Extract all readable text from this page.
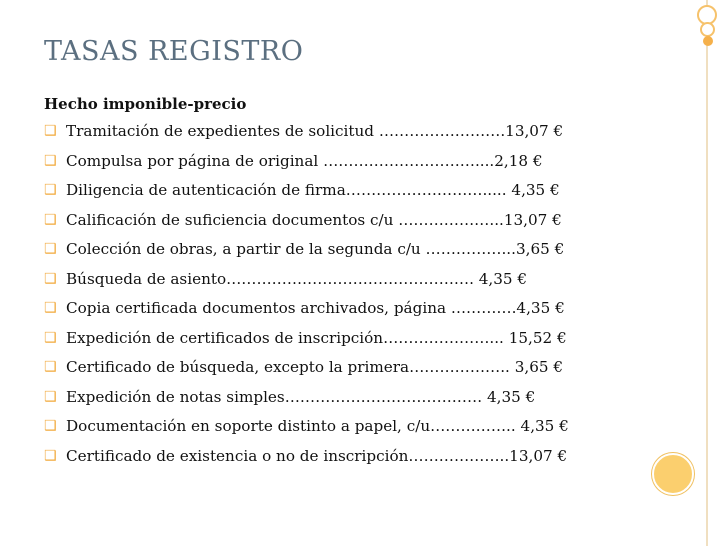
TASAS REGISTRO
Hecho imponible-precio
❑ Tramitación de expedientes de solicitud …………………….13,07 €
❑ Compulsa por página de original …………………………....2,18 €
❑ Diligencia de autenticación de firma………………………..... 4,35 €
❑ Calificación de suficiencia documentos c/u ………………...13,07 €
❑ Colección de obras, a partir de la segunda c/u ……………...3,65 €
❑ Búsqueda de asiento…………………………………………. 4,35 €
❑ Copia certificada documentos archivados, página ………….4,35 €
❑ Expedición de certificados de inscripción…………………... 15,52 €
❑ Certificado de búsqueda, excepto la primera……………….. 3,65 €
❑ Expedición de notas simples………………………………… 4,35 €
❑ Documentación en soporte distinto a papel, c/u…………….. 4,35 €
❑ Certificado de existencia o no de inscripción………………..13,07 €
